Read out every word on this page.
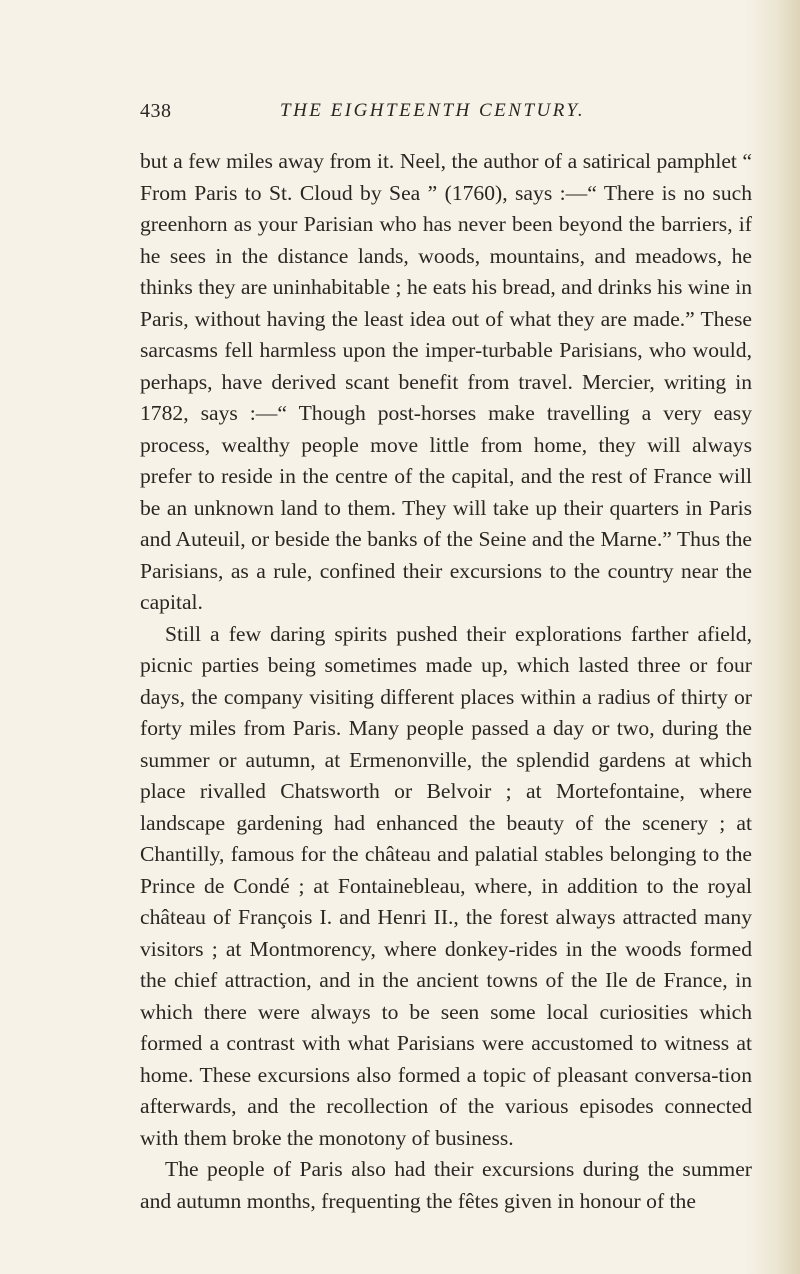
438	THE EIGHTEENTH CENTURY.

but a few miles away from it. Neel, the author of a satirical pamphlet “ From Paris to St. Cloud by Sea ” (1760), says :—“ There is no such greenhorn as your Parisian who has never been beyond the barriers, if he sees in the distance lands, woods, mountains, and meadows, he thinks they are uninhabitable ; he eats his bread, and drinks his wine in Paris, without having the least idea out of what they are made.” These sarcasms fell harmless upon the imper-turbable Parisians, who would, perhaps, have derived scant benefit from travel. Mercier, writing in 1782, says :—“ Though post-horses make travelling a very easy process, wealthy people move little from home, they will always prefer to reside in the centre of the capital, and the rest of France will be an unknown land to them. They will take up their quarters in Paris and Auteuil, or beside the banks of the Seine and the Marne.” Thus the Parisians, as a rule, confined their excursions to the country near the capital.

Still a few daring spirits pushed their explorations farther afield, picnic parties being sometimes made up, which lasted three or four days, the company visiting different places within a radius of thirty or forty miles from Paris. Many people passed a day or two, during the summer or autumn, at Ermenonville, the splendid gardens at which place rivalled Chatsworth or Belvoir ; at Mortefontaine, where landscape gardening had enhanced the beauty of the scenery ; at Chantilly, famous for the château and palatial stables belonging to the Prince de Condé ; at Fontainebleau, where, in addition to the royal château of François I. and Henri II., the forest always attracted many visitors ; at Montmorency, where donkey-rides in the woods formed the chief attraction, and in the ancient towns of the Ile de France, in which there were always to be seen some local curiosities which formed a contrast with what Parisians were accustomed to witness at home. These excursions also formed a topic of pleasant conversa-tion afterwards, and the recollection of the various episodes connected with them broke the monotony of business.

The people of Paris also had their excursions during the summer and autumn months, frequenting the fêtes given in honour of the
